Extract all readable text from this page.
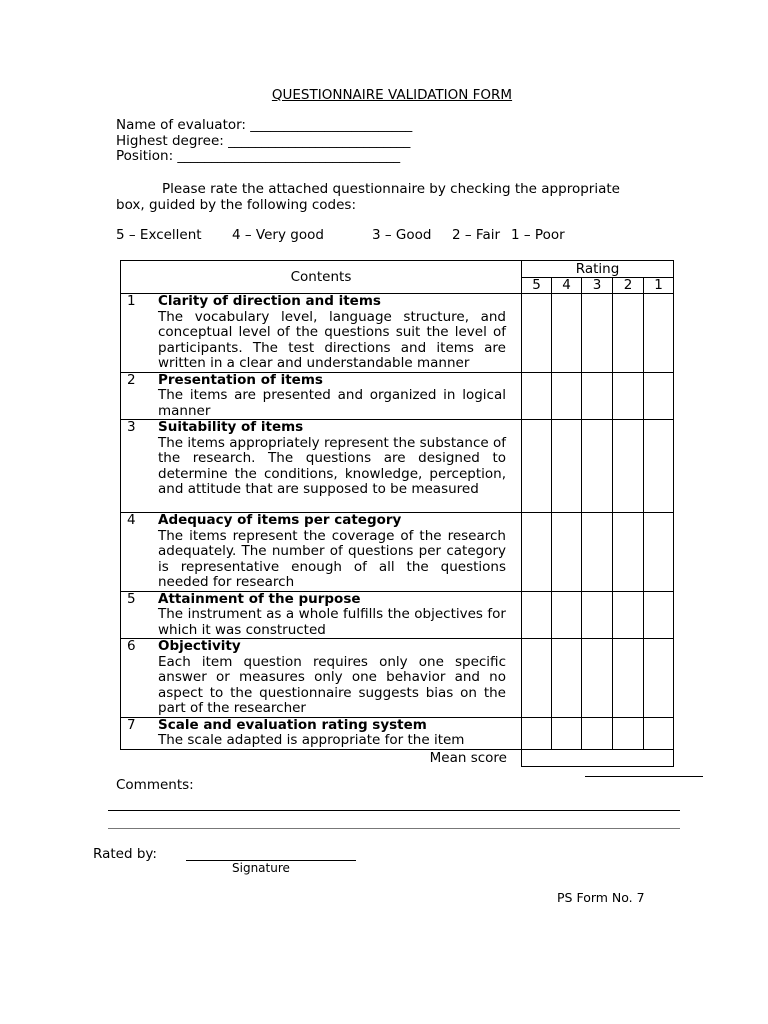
QUESTIONNAIRE VALIDATION FORM
Name of evaluator: ________________________
Highest degree: ___________________________
Position: _________________________________
Please rate the attached questionnaire by checking the appropriate box, guided by the following codes:
5 – Excellent 4 – Very good	3 – Good 2 – Fair 1 – Poor
Contents	Rating				
	5	4	3	2	1

1 Clarity of direction and items
The vocabulary level, language structure, and conceptual level of the questions suit the level of participants. The test directions and items are written in a clear and understandable manner					

2 Presentation of items
The items are presented and organized in logical manner					

3 Suitability of items
The items appropriately represent the substance of the research. The questions are designed to determine the conditions, knowledge, perception, and attitude that are supposed to be measured					

4 Adequacy of items per category
The items represent the coverage of the research adequately. The number of questions per category is representative enough of all the questions needed for research					

5 Attainment of the purpose
The instrument as a whole fulfills the objectives for which it was constructed					

6 Objectivity
Each item question requires only one specific answer or measures only one behavior and no aspect to the questionnaire suggests bias on the part of the researcher					

7 Scale and evaluation rating system
The scale adapted is appropriate for the item					

Mean score					
Comments:
Rated by:
Signature
PS Form No. 7
